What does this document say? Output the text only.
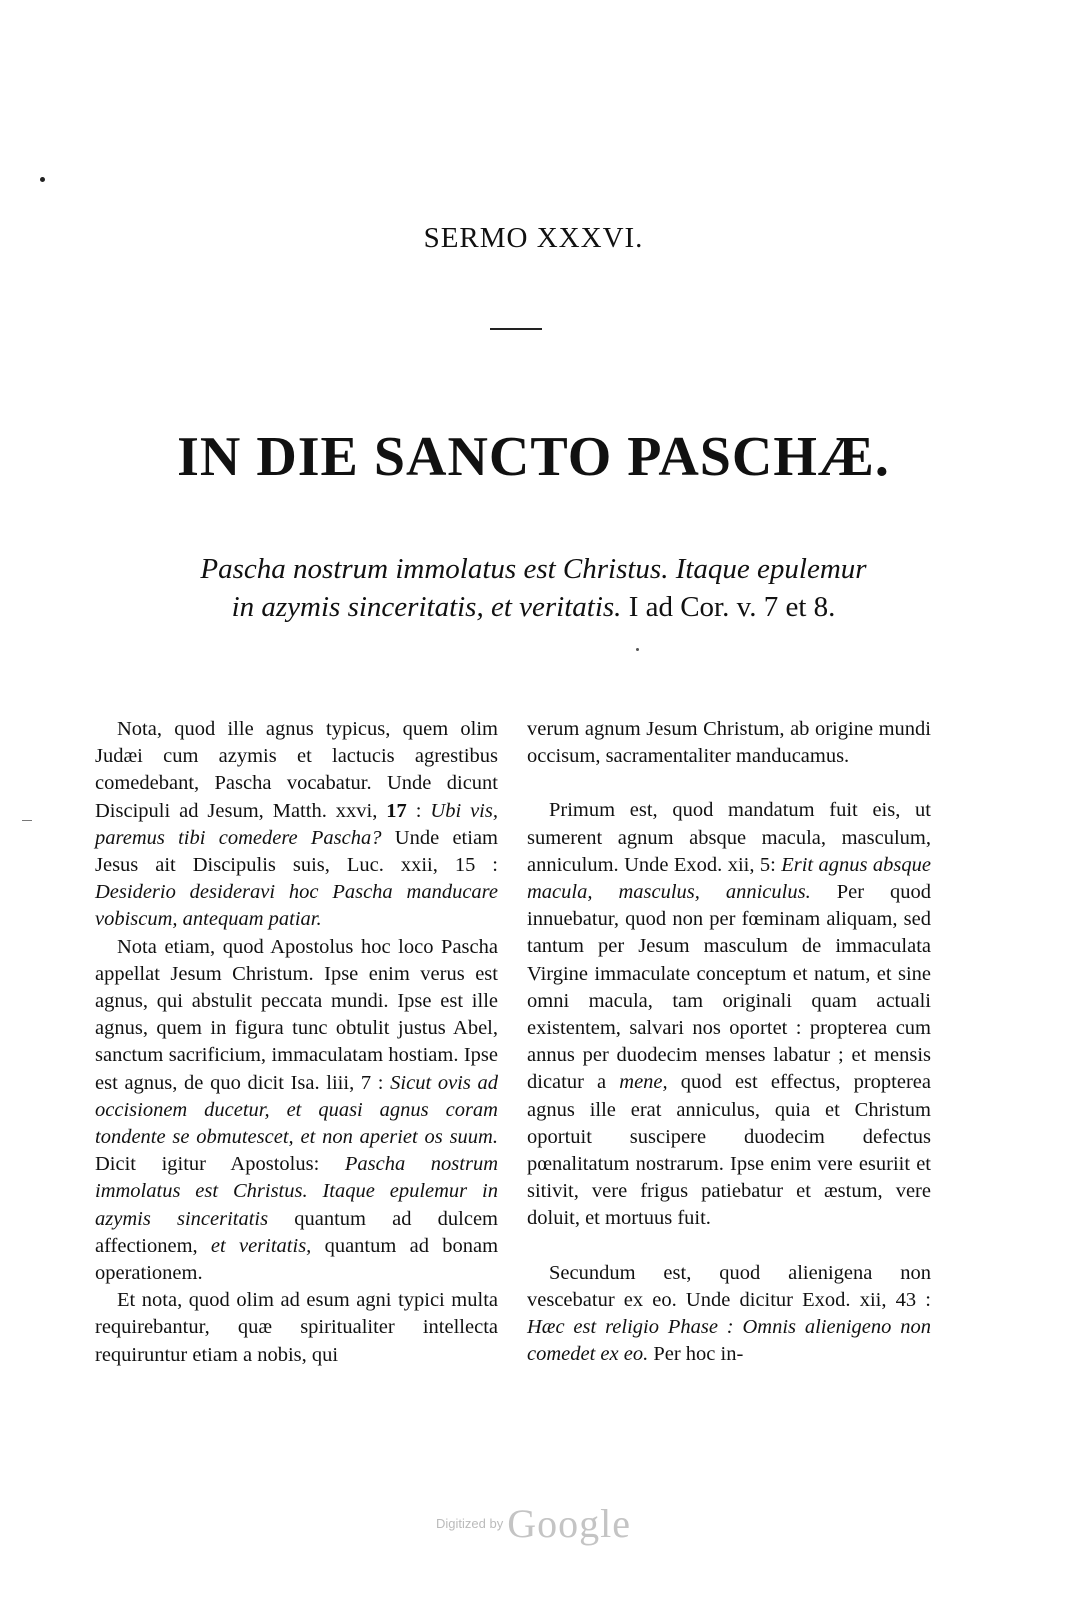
SERMO XXXVI.
IN DIE SANCTO PASCHÆ.
Pascha nostrum immolatus est Christus. Itaque epulemur
in azymis sinceritatis, et veritatis. I ad Cor. v. 7 et 8.

Nota, quod ille agnus typicus, quem olim Judæi cum azymis et lactucis agrestibus comedebant, Pascha vocabatur. Unde dicunt Discipuli ad Jesum, Matth. xxvi, 17 : Ubi vis, paremus tibi comedere Pascha? Unde etiam Jesus ait Discipulis suis, Luc. xxii, 15 : Desiderio desideravi hoc Pascha manducare vobiscum, antequam patiar.

Nota etiam, quod Apostolus hoc loco Pascha appellat Jesum Christum. Ipse enim verus est agnus, qui abstulit peccata mundi. Ipse est ille agnus, quem in figura tunc obtulit justus Abel, sanctum sacrificium, immaculatam hostiam. Ipse est agnus, de quo dicit Isa. liii, 7 : Sicut ovis ad occisionem ducetur, et quasi agnus coram tondente se obmutescet, et non aperiet os suum. Dicit igitur Apostolus: Pascha nostrum immolatus est Christus. Itaque epulemur in azymis sinceritatis quantum ad dulcem affectionem, et veritatis, quantum ad bonam operationem.

Et nota, quod olim ad esum agni typici multa requirebantur, quæ spiritualiter intellecta requiruntur etiam a nobis, qui

verum agnum Jesum Christum, ab origine mundi occisum, sacramentaliter manducamus.

Primum est, quod mandatum fuit eis, ut sumerent agnum absque macula, masculum, anniculum. Unde Exod. xii, 5: Erit agnus absque macula, masculus, anniculus. Per quod innuebatur, quod non per fœminam aliquam, sed tantum per Jesum masculum de immaculata Virgine immaculate conceptum et natum, et sine omni macula, tam originali quam actuali existentem, salvari nos oportet : propterea cum annus per duodecim menses labatur ; et mensis dicatur a mene, quod est effectus, propterea agnus ille erat anniculus, quia et Christum oportuit suscipere duodecim defectus pœnalitatum nostrarum. Ipse enim vere esuriit et sitivit, vere frigus patiebatur et æstum, vere doluit, et mortuus fuit.

Secundum est, quod alienigena non vescebatur ex eo. Unde dicitur Exod. xii, 43 : Hæc est religio Phase : Omnis alienigeno non comedet ex eo. Per hoc in-

Digitized by Google
